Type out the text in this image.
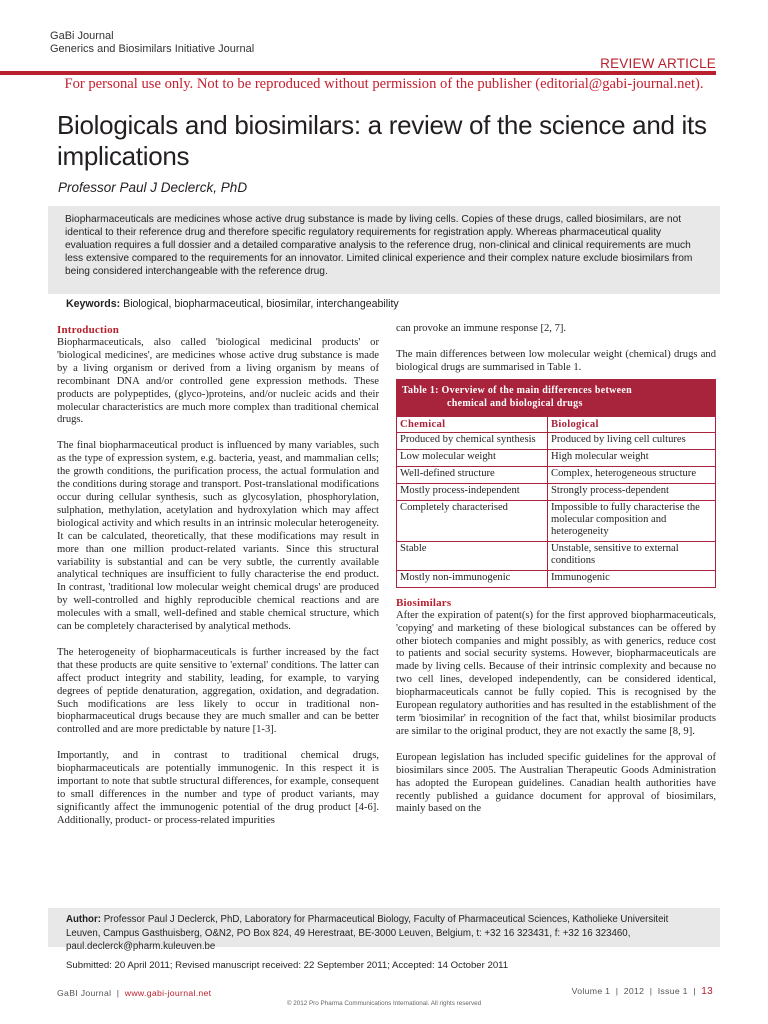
GaBi Journal
Generics and Biosimilars Initiative Journal
REVIEW ARTICLE
For personal use only. Not to be reproduced without permission of the publisher (editorial@gabi-journal.net).
Biologicals and biosimilars: a review of the science and its implications
Professor Paul J Declerck, PhD

Biopharmaceuticals are medicines whose active drug substance is made by living cells. Copies of these drugs, called biosimilars, are not identical to their reference drug and therefore specific regulatory requirements for registration apply. Whereas pharmaceutical quality evaluation requires a full dossier and a detailed comparative analysis to the reference drug, non-clinical and clinical requirements are much less extensive compared to the requirements for an innovator. Limited clinical experience and their complex nature exclude biosimilars from being considered interchangeable with the reference drug.

Keywords: Biological, biopharmaceutical, biosimilar, interchangeability
Introduction

Biopharmaceuticals, also called 'biological medicinal products' or 'biological medicines', are medicines whose active drug substance is made by a living organism or derived from a living organism by means of recombinant DNA and/or controlled gene expression methods. These products are polypeptides, (glyco-)proteins, and/or nucleic acids and their molecular characteristics are much more complex than traditional chemical drugs.

The final biopharmaceutical product is influenced by many variables, such as the type of expression system, e.g. bacteria, yeast, and mammalian cells; the growth conditions, the purification process, the actual formulation and the conditions during storage and transport. Post-translational modifications occur during cellular synthesis, such as glycosylation, phosphorylation, sulphation, methylation, acetylation and hydroxylation which may affect biological activity and which results in an intrinsic molecular heterogeneity. It can be calculated, theoretically, that these modifications may result in more than one million product-related variants. Since this structural variability is substantial and can be very subtle, the currently available analytical techniques are insufficient to fully characterise the end product. In contrast, 'traditional low molecular weight chemical drugs' are produced by well-controlled and highly reproducible chemical reactions and are molecules with a small, well-defined and stable chemical structure, which can be completely characterised by analytical methods.

The heterogeneity of biopharmaceuticals is further increased by the fact that these products are quite sensitive to 'external' conditions. The latter can affect product integrity and stability, leading, for example, to varying degrees of peptide denaturation, aggregation, oxidation, and degradation. Such modifications are less likely to occur in traditional non-biopharmaceutical drugs because they are much smaller and can be better controlled and are more predictable by nature [1-3].

Importantly, and in contrast to traditional chemical drugs, biopharmaceuticals are potentially immunogenic. In this respect it is important to note that subtle structural differences, for example, consequent to small differences in the number and type of product variants, may significantly affect the immunogenic potential of the drug product [4-6]. Additionally, product- or process-related impurities

can provoke an immune response [2, 7].

The main differences between low molecular weight (chemical) drugs and biological drugs are summarised in Table 1.

Table 1: Overview of the main differences between
chemical and biological drugs
Chemical	Biological
Produced by chemical synthesis	Produced by living cell cultures
Low molecular weight	High molecular weight
Well-defined structure	Complex, heterogeneous structure
Mostly process-independent	Strongly process-dependent
Completely characterised	Impossible to fully characterise the molecular composition and heterogeneity
Stable	Unstable, sensitive to external conditions
Mostly non-immunogenic	Immunogenic
Biosimilars

After the expiration of patent(s) for the first approved biopharmaceuticals, 'copying' and marketing of these biological substances can be offered by other biotech companies and might possibly, as with generics, reduce cost to patients and social security systems. However, biopharmaceuticals are made by living cells. Because of their intrinsic complexity and because no two cell lines, developed independently, can be considered identical, biopharmaceuticals cannot be fully copied. This is recognised by the European regulatory authorities and has resulted in the establishment of the term 'biosimilar' in recognition of the fact that, whilst biosimilar products are similar to the original product, they are not exactly the same [8, 9].

European legislation has included specific guidelines for the approval of biosimilars since 2005. The Australian Therapeutic Goods Administration has adopted the European guidelines. Canadian health authorities have recently published a guidance document for approval of biosimilars, mainly based on the

Author: Professor Paul J Declerck, PhD, Laboratory for Pharmaceutical Biology, Faculty of Pharmaceutical Sciences, Katholieke Universiteit Leuven, Campus Gasthuisberg, O&N2, PO Box 824, 49 Herestraat, BE-3000 Leuven, Belgium, t: +32 16 323431, f: +32 16 323460, paul.declerck@pharm.kuleuven.be
Submitted: 20 April 2011; Revised manuscript received: 22 September 2011; Accepted: 14 October 2011
GaBI Journal | www.gabi-journal.net	Volume 1 | 2012 | Issue 1 | 13
© 2012 Pro Pharma Communications International. All rights reserved
